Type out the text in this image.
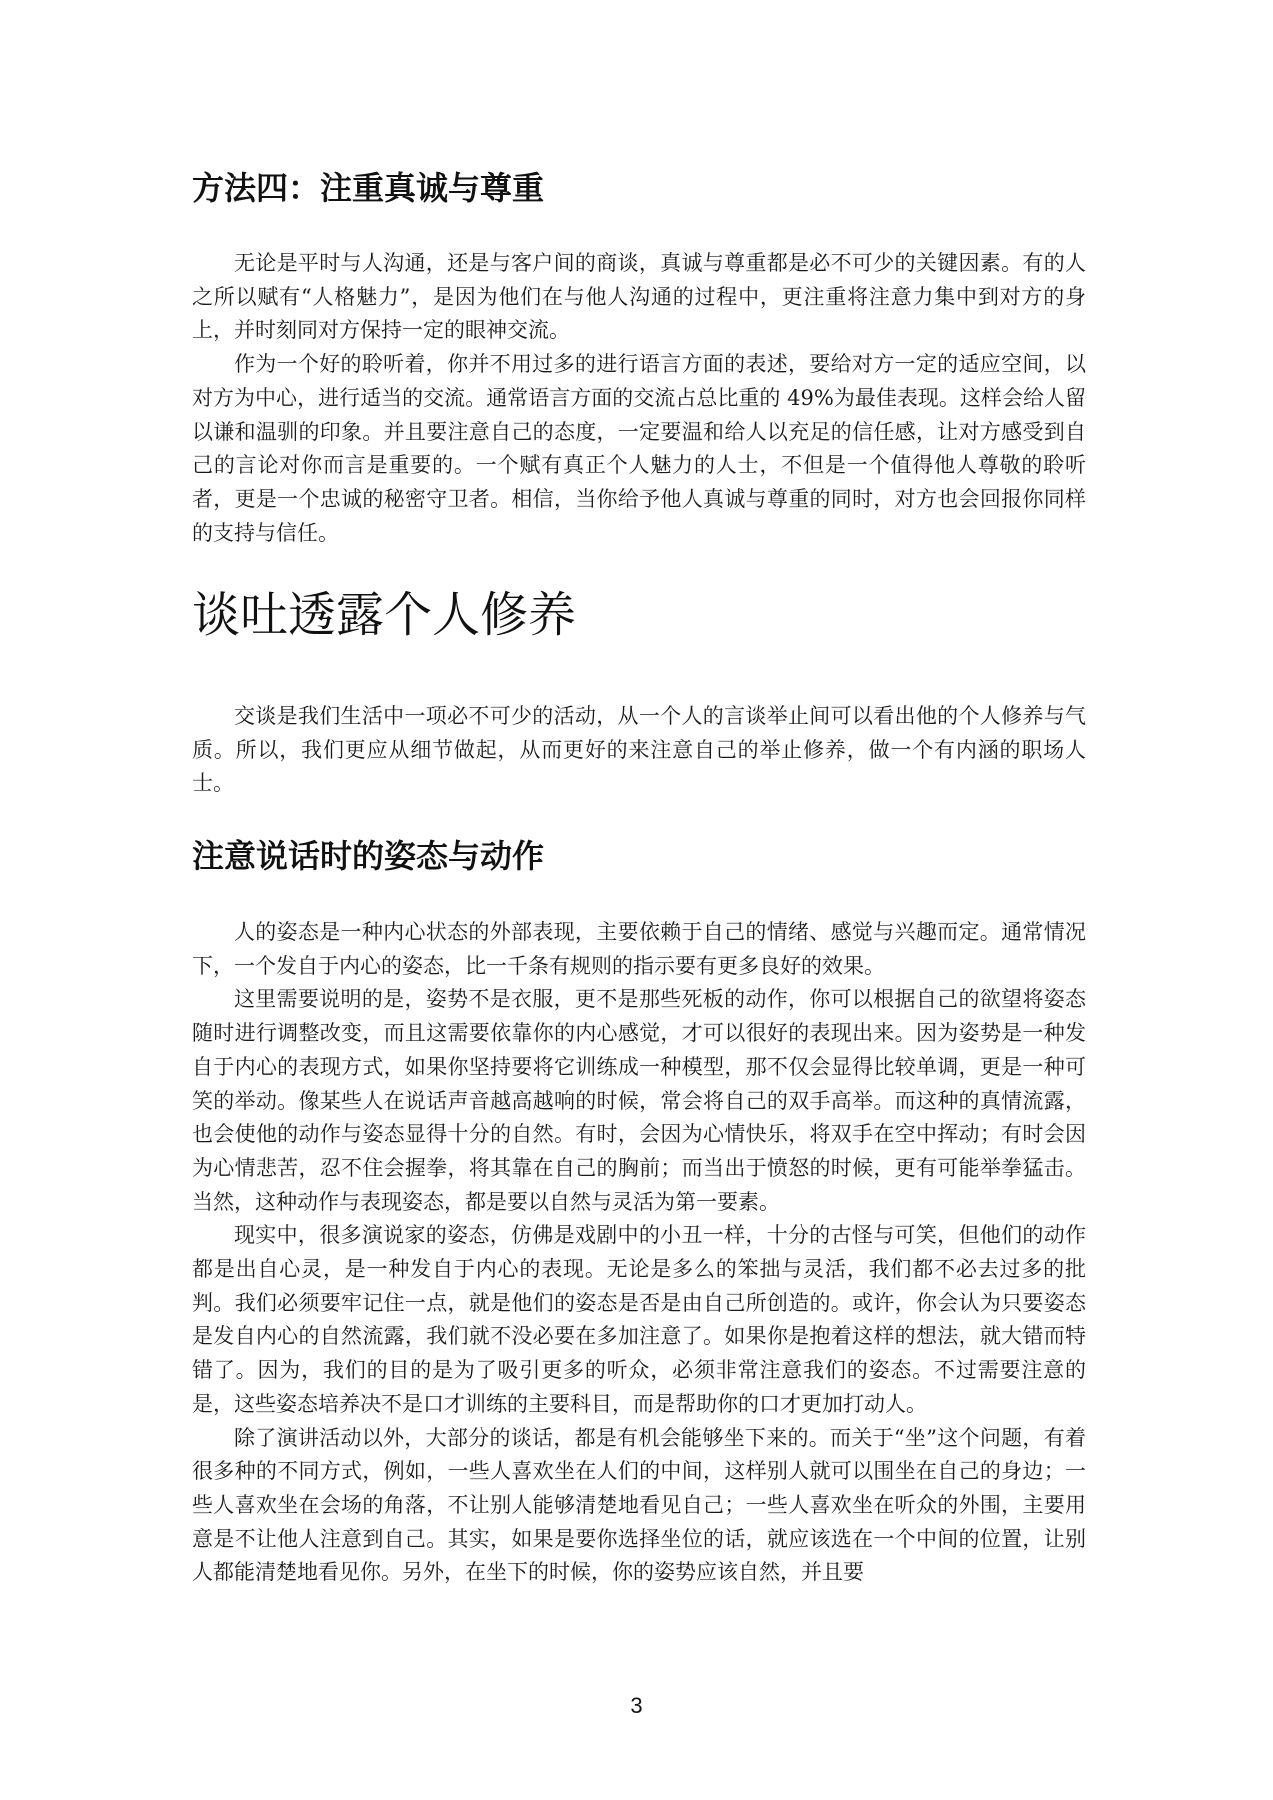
方法四：注重真诚与尊重

无论是平时与人沟通，还是与客户间的商谈，真诚与尊重都是必不可少的关键因素。有的人之所以赋有“人格魅力”，是因为他们在与他人沟通的过程中，更注重将注意力集中到对方的身上，并时刻同对方保持一定的眼神交流。

作为一个好的聆听着，你并不用过多的进行语言方面的表述，要给对方一定的适应空间，以对方为中心，进行适当的交流。通常语言方面的交流占总比重的 49%为最佳表现。这样会给人留以谦和温驯的印象。并且要注意自己的态度，一定要温和给人以充足的信任感，让对方感受到自己的言论对你而言是重要的。一个赋有真正个人魅力的人士，不但是一个值得他人尊敬的聆听者，更是一个忠诚的秘密守卫者。相信，当你给予他人真诚与尊重的同时，对方也会回报你同样的支持与信任。

谈吐透露个人修养

交谈是我们生活中一项必不可少的活动，从一个人的言谈举止间可以看出他的个人修养与气质。所以，我们更应从细节做起，从而更好的来注意自己的举止修养，做一个有内涵的职场人士。

注意说话时的姿态与动作

人的姿态是一种内心状态的外部表现，主要依赖于自己的情绪、感觉与兴趣而定。通常情况下，一个发自于内心的姿态，比一千条有规则的指示要有更多良好的效果。

这里需要说明的是，姿势不是衣服，更不是那些死板的动作，你可以根据自己的欲望将姿态随时进行调整改变，而且这需要依靠你的内心感觉，才可以很好的表现出来。因为姿势是一种发自于内心的表现方式，如果你坚持要将它训练成一种模型，那不仅会显得比较单调，更是一种可笑的举动。像某些人在说话声音越高越响的时候，常会将自己的双手高举。而这种的真情流露，也会使他的动作与姿态显得十分的自然。有时，会因为心情快乐，将双手在空中挥动；有时会因为心情悲苦，忍不住会握拳，将其靠在自己的胸前；而当出于愤怒的时候，更有可能举拳猛击。当然，这种动作与表现姿态，都是要以自然与灵活为第一要素。

现实中，很多演说家的姿态，仿佛是戏剧中的小丑一样，十分的古怪与可笑，但他们的动作都是出自心灵，是一种发自于内心的表现。无论是多么的笨拙与灵活，我们都不必去过多的批判。我们必须要牢记住一点，就是他们的姿态是否是由自己所创造的。或许，你会认为只要姿态是发自内心的自然流露，我们就不没必要在多加注意了。如果你是抱着这样的想法，就大错而特错了。因为，我们的目的是为了吸引更多的听众，必须非常注意我们的姿态。不过需要注意的是，这些姿态培养决不是口才训练的主要科目，而是帮助你的口才更加打动人。

除了演讲活动以外，大部分的谈话，都是有机会能够坐下来的。而关于“坐”这个问题，有着很多种的不同方式，例如，一些人喜欢坐在人们的中间，这样别人就可以围坐在自己的身边；一些人喜欢坐在会场的角落，不让别人能够清楚地看见自己；一些人喜欢坐在听众的外围，主要用意是不让他人注意到自己。其实，如果是要你选择坐位的话，就应该选在一个中间的位置，让别人都能清楚地看见你。另外，在坐下的时候，你的姿势应该自然，并且要

3
